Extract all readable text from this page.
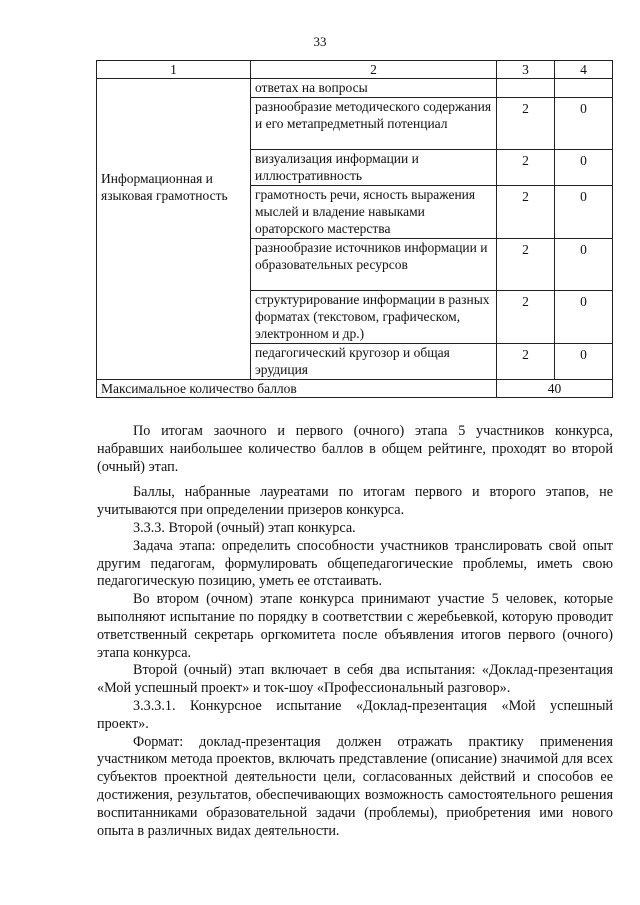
33
1	2	3	4

Информационная и языковая грамотность	ответах на вопросы		

	разнообразие методического содержания и его метапредметный потенциал	2	0

	визуализация информации и иллюстративность	2	0

	грамотность речи, ясность выражения мыслей и владение навыками ораторского мастерства	2	0

	разнообразие источников информации и образовательных ресурсов	2	0

	структурирование информации в разных форматах (текстовом, графическом, электронном и др.)	2	0

	педагогический кругозор и общая эрудиция	2	0
Максимальное количество баллов		40	

По итогам заочного и первого (очного) этапа 5 участников конкурса, набравших наибольшее количество баллов в общем рейтинге, проходят во второй (очный) этап.

Баллы, набранные лауреатами по итогам первого и второго этапов, не учитываются при определении призеров конкурса.

3.3.3. Второй (очный) этап конкурса.

Задача этапа: определить способности участников транслировать свой опыт другим педагогам, формулировать общепедагогические проблемы, иметь свою педагогическую позицию, уметь ее отстаивать.

Во втором (очном) этапе конкурса принимают участие 5 человек, которые выполняют испытание по порядку в соответствии с жеребьевкой, которую проводит ответственный секретарь оргкомитета после объявления итогов первого (очного) этапа конкурса.

Второй (очный) этап включает в себя два испытания: «Доклад-презентация «Мой успешный проект» и ток-шоу «Профессиональный разговор».

3.3.3.1. Конкурсное испытание «Доклад-презентация «Мой успешный проект».

Формат: доклад-презентация должен отражать практику применения участником метода проектов, включать представление (описание) значимой для всех субъектов проектной деятельности цели, согласованных действий и способов ее достижения, результатов, обеспечивающих возможность самостоятельного решения воспитанниками образовательной задачи (проблемы), приобретения ими нового опыта в различных видах деятельности.
